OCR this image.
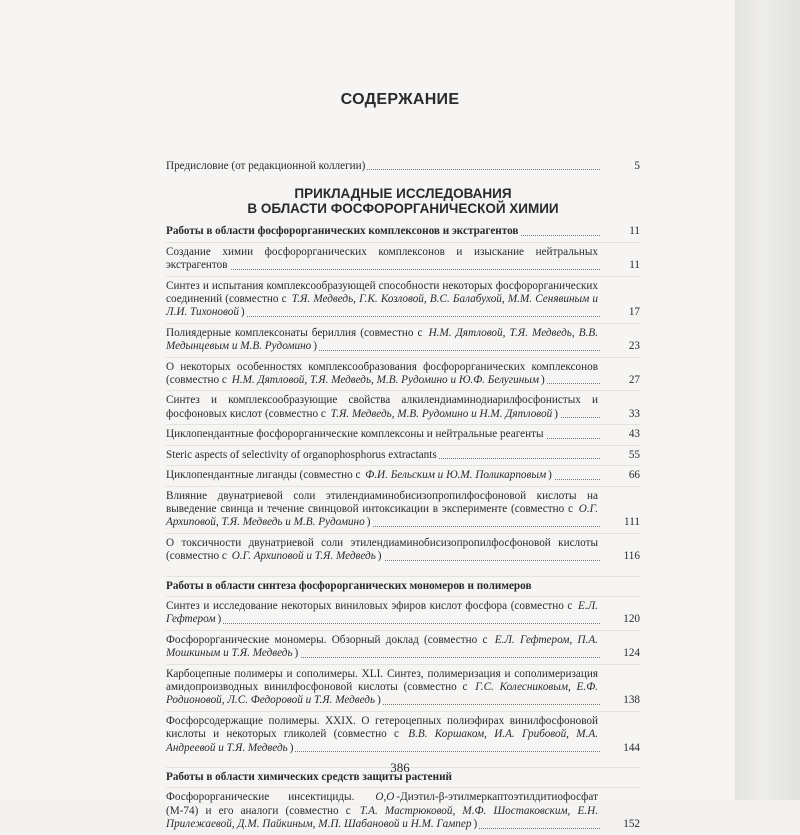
СОДЕРЖАНИЕ
Предисловие (от редакционной коллегии)	5
ПРИКЛАДНЫЕ ИССЛЕДОВАНИЯ
В ОБЛАСТИ ФОСФОРОРГАНИЧЕСКОЙ ХИМИИ
Работы в области фосфорорганических комплексонов и экстрагентов	11
Создание химии фосфорорганических комплексонов и изыскание нейтральных экстрагентов	11
Синтез и испытания комплексообразующей способности некоторых фосфорорганических соединений (совместно с Т.Я. Медведь, Г.К. Козловой, В.С. Балабухой, М.М. Сенявиным и Л.И. Тихоновой )	17
Полиядерные комплексонаты бериллия (совместно с Н.М. Дятловой, Т.Я. Медведь, В.В. Медынцевым и М.В. Рудомино )	23
О некоторых особенностях комплексообразования фосфорорганических комплексонов (совместно с Н.М. Дятловой, Т.Я. Медведь, М.В. Рудомино и Ю.Ф. Белугиным )	27
Синтез и комплексообразующие свойства алкилендиаминодиарилфосфонистых и фосфоновых кислот (совместно с Т.Я. Медведь, М.В. Рудомино и Н.М. Дятловой )	33
Циклопендантные фосфорорганические комплексоны и нейтральные реагенты	43
Steric aspects of selectivity of organophosphorus extractants	55
Циклопендантные лиганды (совместно с Ф.И. Бельским и Ю.М. Поликарповым )	66
Влияние двунатриевой соли этилендиаминобисизопропилфосфоновой кислоты на выведение свинца и течение свинцовой интоксикации в эксперименте (совместно с О.Г. Архиповой, Т.Я. Медведь и М.В. Рудомино )	111
О токсичности двунатриевой соли этилендиаминобисизопропилфосфоновой кислоты (совместно с О.Г. Архиповой и Т.Я. Медведь )	116
Работы в области синтеза фосфорорганических мономеров и полимеров
Синтез и исследование некоторых виниловых эфиров кислот фосфора (совместно с Е.Л. Гефтером )	120
Фосфорорганические мономеры. Обзорный доклад (совместно с Е.Л. Гефтером, П.А. Мошкиным и Т.Я. Медведь )	124
Карбоцепные полимеры и сополимеры. XLI. Синтез, полимеризация и сополимеризация амидопроизводных винилфосфоновой кислоты (совместно с Г.С. Колесниковым, Е.Ф. Родионовой, Л.С. Федоровой и Т.Я. Медведь )	138
Фосфорсодержащие полимеры. XXIX. О гетероцепных полиэфирах винилфосфоновой кислоты и некоторых гликолей (совместно с В.В. Коршаком, И.А. Грибовой, М.А. Андреевой и Т.Я. Медведь )	144
Работы в области химических средств защиты растений
Фосфорорганические инсектициды. O,O -Диэтил-β-этилмеркаптоэтилдитиофосфат (М-74) и его аналоги (совместно с Т.А. Мастрюковой, М.Ф. Шостаковским, Е.Н. Прилежаевой, Д.М. Пайкиным, М.П. Шабановой и Н.М. Гампер )	152
386
